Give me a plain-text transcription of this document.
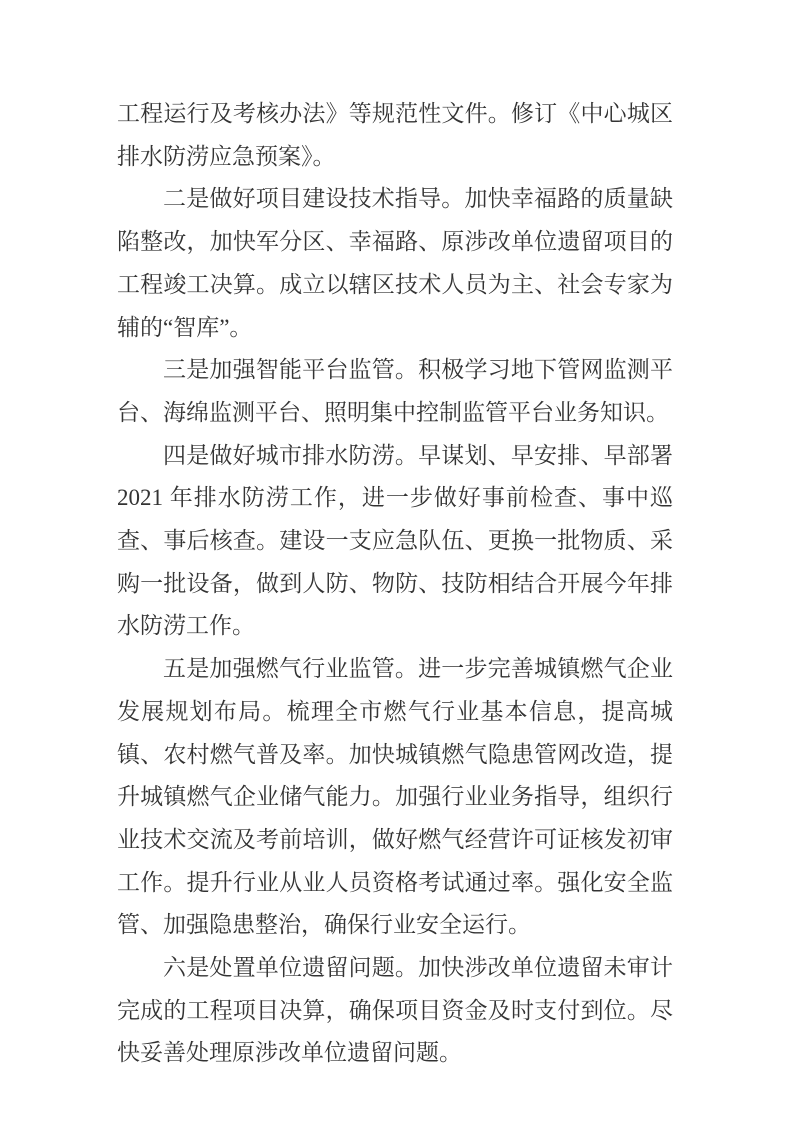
工程运行及考核办法》等规范性文件。修订《中心城区排水防涝应急预案》。

二是做好项目建设技术指导。加快幸福路的质量缺陷整改，加快军分区、幸福路、原涉改单位遗留项目的工程竣工决算。成立以辖区技术人员为主、社会专家为辅的“智库”。

三是加强智能平台监管。积极学习地下管网监测平台、海绵监测平台、照明集中控制监管平台业务知识。

四是做好城市排水防涝。早谋划、早安排、早部署 2021 年排水防涝工作，进一步做好事前检查、事中巡查、事后核查。建设一支应急队伍、更换一批物质、采购一批设备，做到人防、物防、技防相结合开展今年排水防涝工作。

五是加强燃气行业监管。进一步完善城镇燃气企业发展规划布局。梳理全市燃气行业基本信息，提高城镇、农村燃气普及率。加快城镇燃气隐患管网改造，提升城镇燃气企业储气能力。加强行业业务指导，组织行业技术交流及考前培训，做好燃气经营许可证核发初审工作。提升行业从业人员资格考试通过率。强化安全监管、加强隐患整治，确保行业安全运行。

六是处置单位遗留问题。加快涉改单位遗留未审计完成的工程项目决算，确保项目资金及时支付到位。尽快妥善处理原涉改单位遗留问题。
